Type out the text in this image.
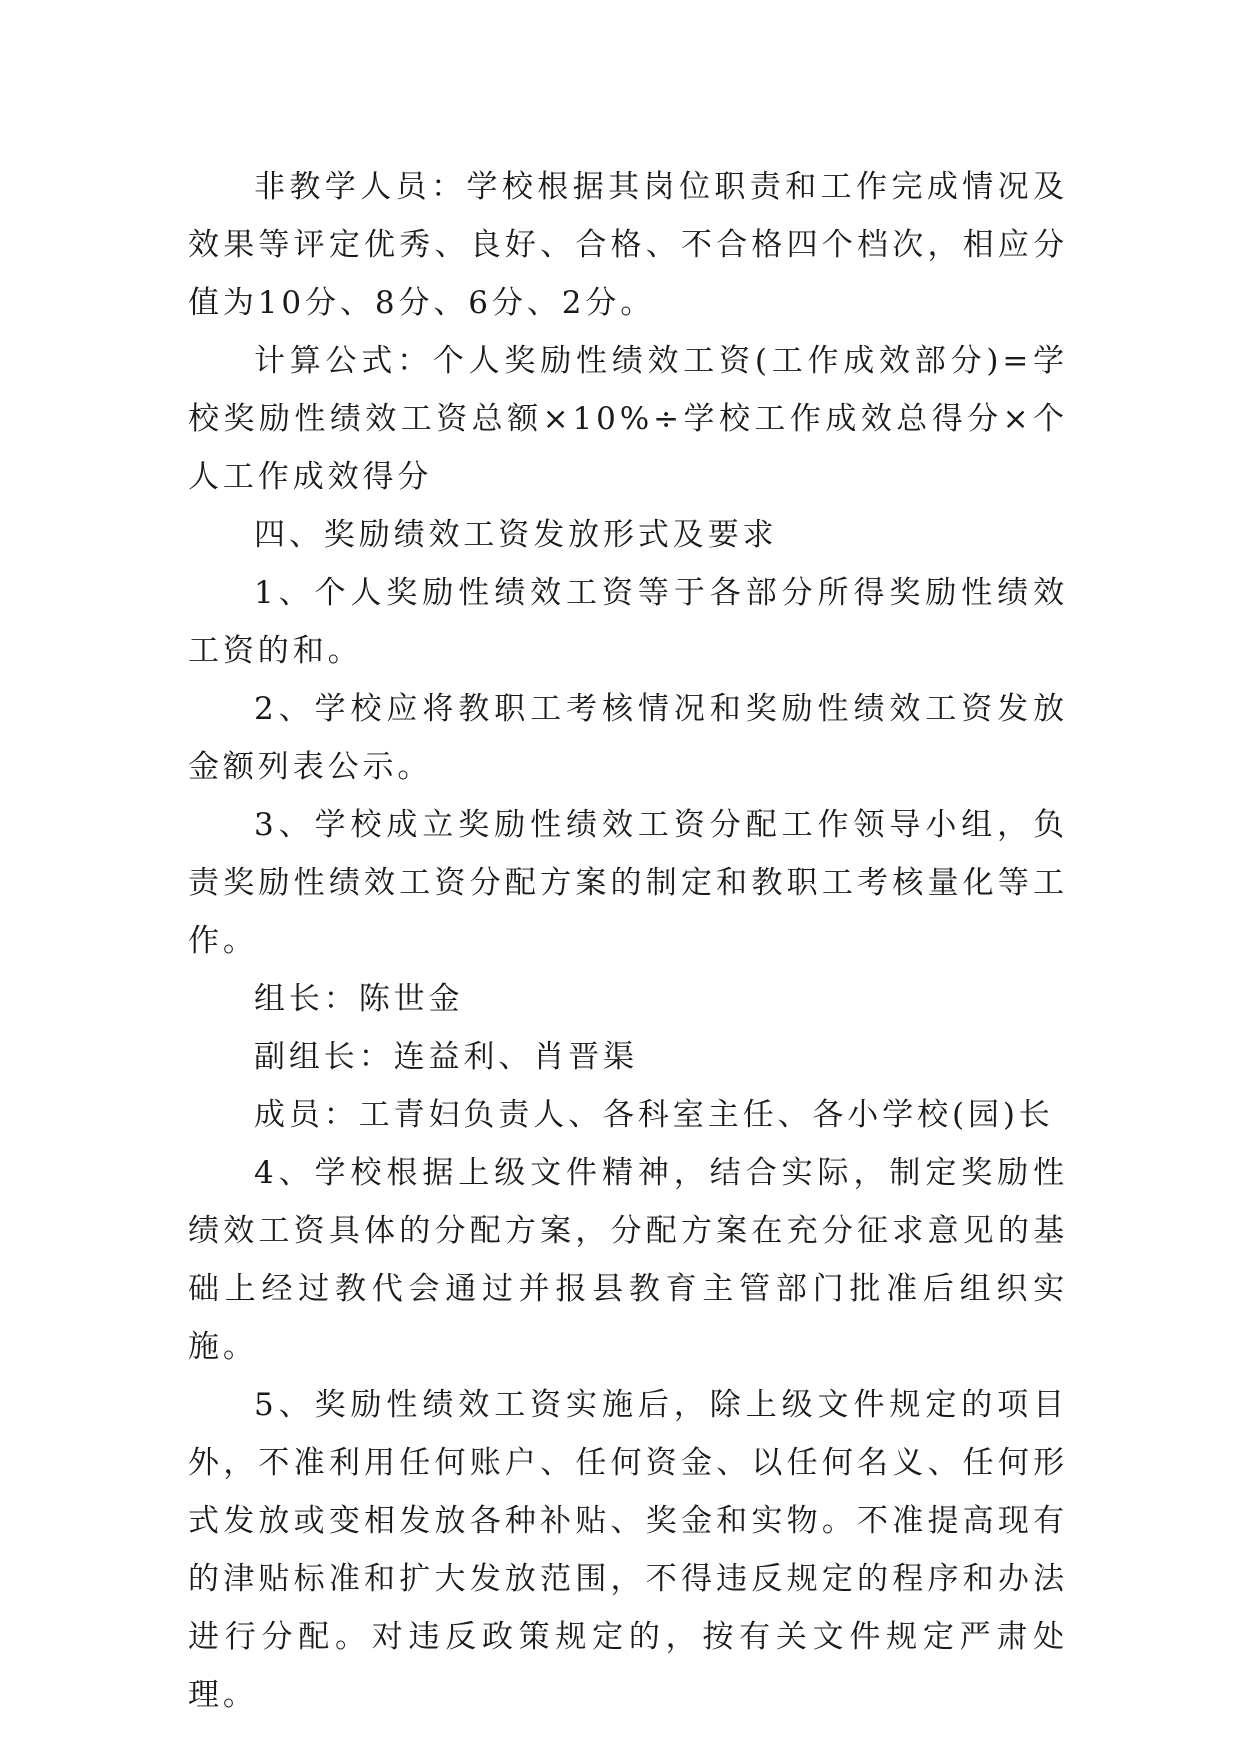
非教学人员：学校根据其岗位职责和工作完成情况及效果等评定优秀、良好、合格、不合格四个档次，相应分值为10分、8分、6分、2分。

计算公式：个人奖励性绩效工资(工作成效部分)=学校奖励性绩效工资总额×10%÷学校工作成效总得分×个人工作成效得分

四、奖励绩效工资发放形式及要求

1、个人奖励性绩效工资等于各部分所得奖励性绩效工资的和。

2、学校应将教职工考核情况和奖励性绩效工资发放金额列表公示。

3、学校成立奖励性绩效工资分配工作领导小组，负责奖励性绩效工资分配方案的制定和教职工考核量化等工作。

组长：陈世金

副组长：连益利、肖晋渠

成员：工青妇负责人、各科室主任、各小学校(园)长

4、学校根据上级文件精神，结合实际，制定奖励性绩效工资具体的分配方案，分配方案在充分征求意见的基础上经过教代会通过并报县教育主管部门批准后组织实施。

5、奖励性绩效工资实施后，除上级文件规定的项目外，不准利用任何账户、任何资金、以任何名义、任何形式发放或变相发放各种补贴、奖金和实物。不准提高现有的津贴标准和扩大发放范围，不得违反规定的程序和办法进行分配。对违反政策规定的，按有关文件规定严肃处理。
